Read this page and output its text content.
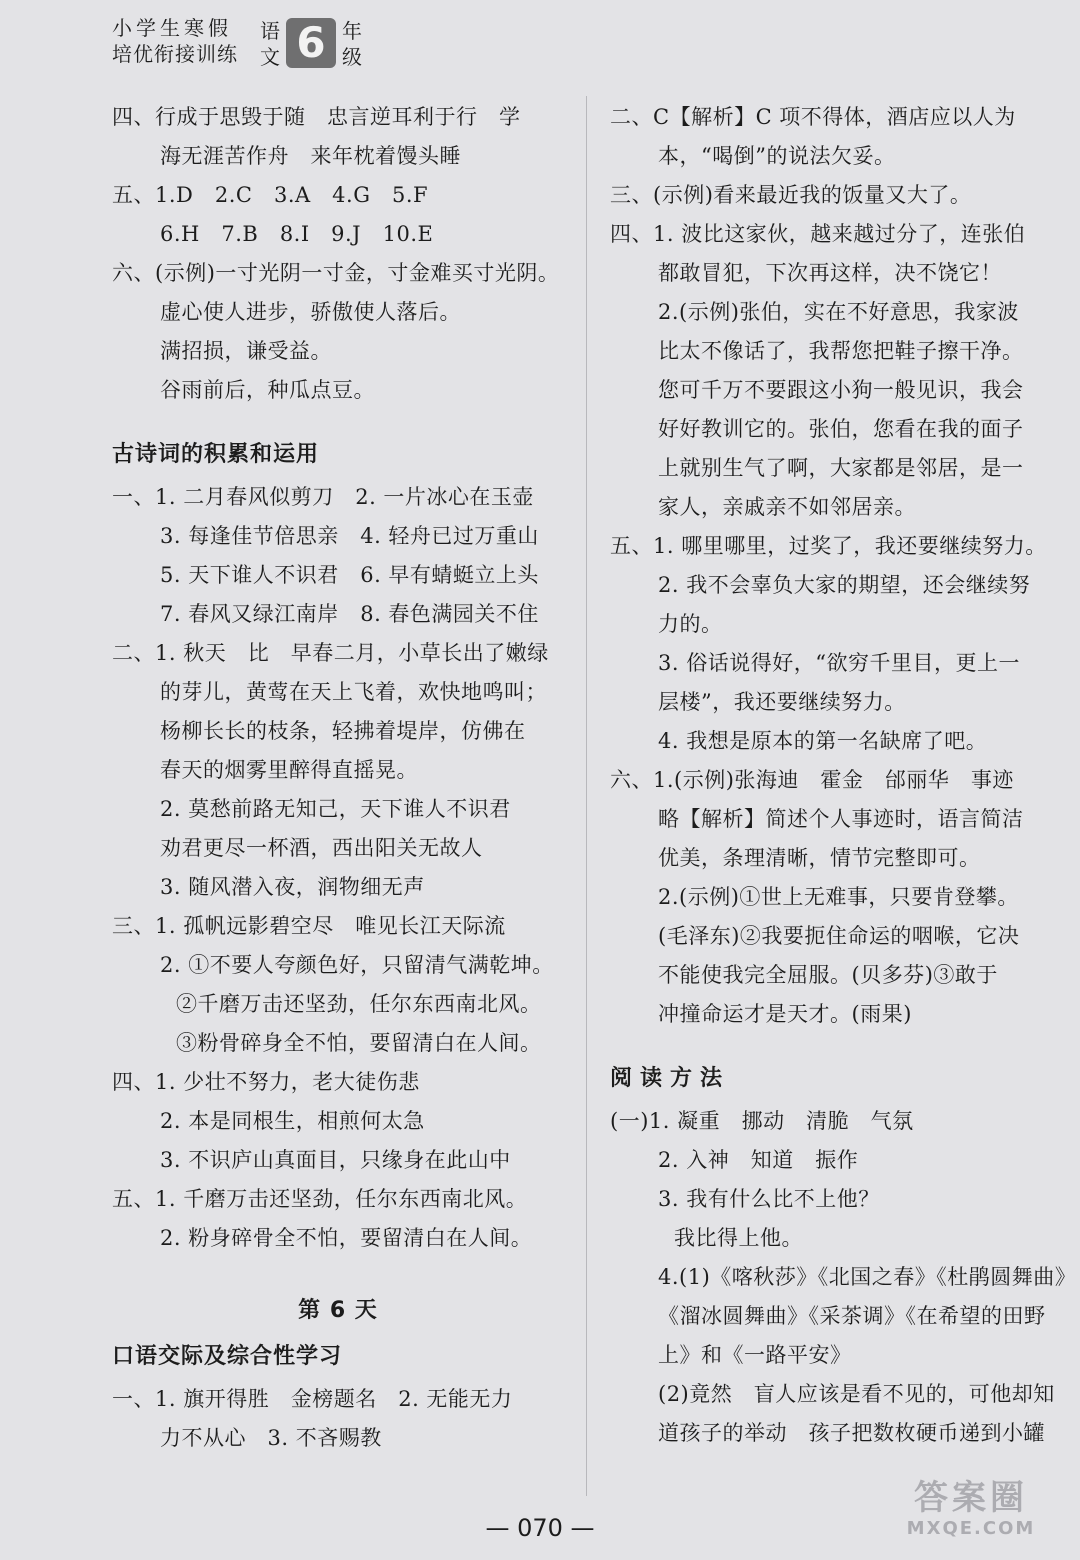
小学生寒假
培优衔接训练
语
文 6 年
级
四、行成于思毁于随　忠言逆耳利于行　学
海无涯苦作舟　来年枕着馒头睡
五、1.D　2.C　3.A　4.G　5.F
6.H　7.B　8.I　9.J　10.E
六、(示例)一寸光阴一寸金，寸金难买寸光阴。
虚心使人进步，骄傲使人落后。
满招损，谦受益。
谷雨前后，种瓜点豆。
古诗词的积累和运用
一、1. 二月春风似剪刀　2. 一片冰心在玉壶
3. 每逢佳节倍思亲　4. 轻舟已过万重山
5. 天下谁人不识君　6. 早有蜻蜓立上头
7. 春风又绿江南岸　8. 春色满园关不住
二、1. 秋天　比　早春二月，小草长出了嫩绿
的芽儿，黄莺在天上飞着，欢快地鸣叫；
杨柳长长的枝条，轻拂着堤岸，仿佛在
春天的烟雾里醉得直摇晃。
2. 莫愁前路无知己，天下谁人不识君
劝君更尽一杯酒，西出阳关无故人
3. 随风潜入夜，润物细无声
三、1. 孤帆远影碧空尽　唯见长江天际流
2. ①不要人夸颜色好，只留清气满乾坤。
②千磨万击还坚劲，任尔东西南北风。
③粉骨碎身全不怕，要留清白在人间。
四、1. 少壮不努力，老大徒伤悲
2. 本是同根生，相煎何太急
3. 不识庐山真面目，只缘身在此山中
五、1. 千磨万击还坚劲，任尔东西南北风。
2. 粉身碎骨全不怕，要留清白在人间。
第 6 天
口语交际及综合性学习
一、1. 旗开得胜　金榜题名　2. 无能无力
力不从心　3. 不吝赐教
二、C【解析】C 项不得体，酒店应以人为
本，“喝倒”的说法欠妥。
三、(示例)看来最近我的饭量又大了。
四、1. 波比这家伙，越来越过分了，连张伯
都敢冒犯，下次再这样，决不饶它！
2.(示例)张伯，实在不好意思，我家波
比太不像话了，我帮您把鞋子擦干净。
您可千万不要跟这小狗一般见识，我会
好好教训它的。张伯，您看在我的面子
上就别生气了啊，大家都是邻居，是一
家人，亲戚亲不如邻居亲。
五、1. 哪里哪里，过奖了，我还要继续努力。
2. 我不会辜负大家的期望，还会继续努
力的。
3. 俗话说得好，“欲穷千里目，更上一
层楼”，我还要继续努力。
4. 我想是原本的第一名缺席了吧。
六、1.(示例)张海迪　霍金　邰丽华　事迹
略【解析】简述个人事迹时，语言简洁
优美，条理清晰，情节完整即可。
2.(示例)①世上无难事，只要肯登攀。
(毛泽东)②我要扼住命运的咽喉，它决
不能使我完全屈服。(贝多芬)③敢于
冲撞命运才是天才。(雨果)
阅读方法
(一)1. 凝重　挪动　清脆　气氛
2. 入神　知道　振作
3. 我有什么比不上他？
我比得上他。
4.(1)《喀秋莎》《北国之春》《杜鹃圆舞曲》
《溜冰圆舞曲》《采茶调》《在希望的田野
上》和《一路平安》
(2)竟然　盲人应该是看不见的，可他却知
道孩子的举动　孩子把数枚硬币递到小罐
— 070 —
答案圈
MXQE.COM
